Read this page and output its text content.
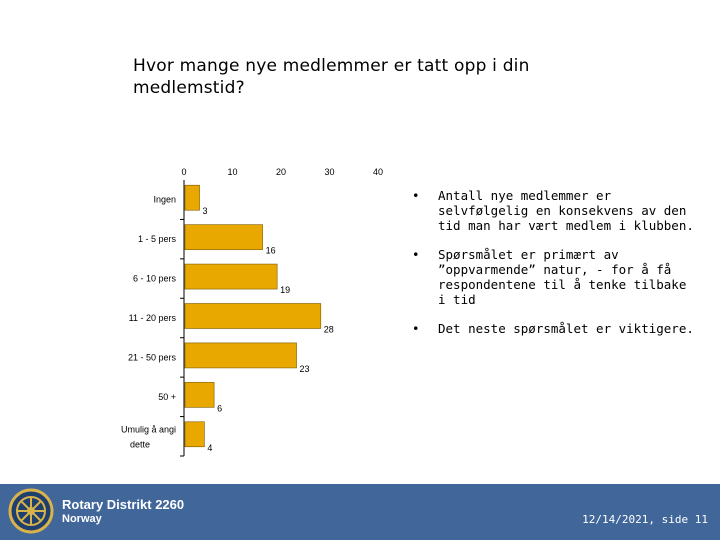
Hvor mange nye medlemmer er tatt opp i din medlemstid?
0	10	20	30	40
Ingen
3
1 - 5 pers
16
6 - 10 pers
19
11 - 20 pers
28
21 - 50 pers
23
50 +
6
Umulig å angi dette	4
• Antall nye medlemmer er selvfølgelig en konsekvens av den tid man har vært medlem i klubben.
• Spørsmålet er primært av ”oppvarmende” natur, - for å få respondentene til å tenke tilbake i tid
• Det neste spørsmålet er viktigere.
Rotary Distrikt 2260
Norway	12/14/2021, side 11
